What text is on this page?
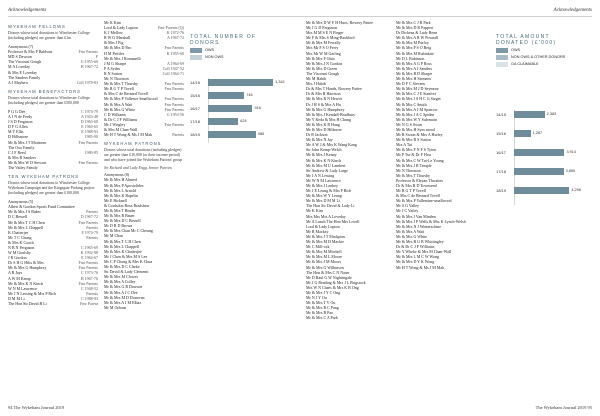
Acknowledgements	Acknowledgements
WYKEHAM FELLOWS
Donors whose total donations to Winchester College (including pledges) are greater than £1m
Anonymous (7)
Professor & Mrs P Baldwin	Fmr Parents
MD S Dawson	F
The Viscount Gough	G 1955-60
M A Loveday	H 1967-72
& Mrs E Loveday
The Sanders Family
A J Mayhew	Coll 1978-83
WYKEHAM BENEFACTORS
Donors whose total donations to Winchester College (including pledges) are greater than £500,000
P G G Dee	C 1974-79
A J N de Ferdy	A 1943-48
J S D Ferguson	D 1963-68
D F G Allen	E 1960-65
M Y Ellis	E 1988-93
D Hillsmore	1985-90
Mr & Mrs J T Mortimer	Fmr Parents
The Oxo Family
C J F Reed	1980-85
& Mrs R Sanders
Mr & Mrs W D Stewart	Fmr Parents
The Vailey Family
TEN WYKEHAM PATRONS
Donors whose total donations to Winchester College Wykeham Campaign and the Kingsgate Parking project (including pledges) are greater than £100,000
Anonymous (5)
Albert & Gordon Sports Fund Committee
Mr & Mrs J S Baker	Parents
D C Bessell	D 1967-72
Mr & Mrs T C H Chen	Fmr Parents
Mr & Mrs L Chappell	Parents
K Chatterjee	F 1974-79
Mr T C Chung	Parents
& Mrs K Coach
N B N Ferguson	C 1965-69
W M Goulsby	K 1992-98
J R Gordon	E 1964-67
Dr S H G Hilts & Mrs	Fmr Parents
Mr & Mrs G Humphrey	Fmr Parents
A R Jays	C 1973-76
A W M Kemp	H 1967-76
Mr & Mrs K N Kinch	Fmr Parents
W N M Lawrence	C 1948-52
Mr J N Lessing & Mrs P Rich	Parents
D M M Li	C 1988-93
The Hon Sir David R Li	Fmr Parent
Mr K Kim
Lord & Lady Lupton	Fmr Parents (Q)
K J Mellow	K 1972-76
R W G Marshall	A 1967-72
& Mrs J Pig
Mr & Mrs D Pao	Fmr Parents
H M Pettifer	K 1955-60
Mr & Mrs J Romanelli
J M G Sharpe	A 1964-69
P A Sydes	Coll 1947-52
R N Sutton	Coll 1964-71
Mr N Thornton
Mr & Mrs T Thursby	Fmr Parents
Mr R G T P Tovell	Fmr Parents
& Mrs C de Bernard Tovell
Mr & Mrs P Vallence Smallwood Fmr Parents
Mr & Mrs A Wait	Fmr Parents
Mr & Mrs G White	Fmr Parents
C D Williams	G 1953-56
& Dr C J F Williams
Mr J Wrigley	Fmr Parents
& Mrs M Chan-Wall
Mr H T Wong & Ms J M Mak	Parents
WYKEHAM PATRONS
Donors whose total donations (including pledges) are greater than £10,000 (or their income period) and who have joined the Wykeham Patrons' group
Sir Richard and Lady Engg, Senior Patrons
Anonymous (8)
Mr & Mrs H Ahmed
Mr & Mrs P Apostolides
Mr & Mrs L Arnold
Mr & Mrs K Bapelin
Mr E Bicknell
& Coulsdon Rosa Bradshaw
Mr & Mrs T Binder
Mr & Mrs R Bauer
Mr & Mrs D C Bessell
Mr D R D Brown
Mr & Mrs Chan Mr C Cheung
Mr M Chan
Mr & Mrs T C H Chen
Mr & Mrs L Chappell
Mr & Mrs K Chatterjee
Mr J Chen & Mrs M S Lee
Mr C P Chong & Mrs K Chua
Mr & Mrs D C Clarke
Sir David & Lady Clementi
Mr & Mrs M Clowes
Mr & Mrs A Colley
Mr & Mrs G B Dawson
Mr & Mrs A J C Dee
Mr & Mrs M D Donovan
Mr & Mrs A J M Elbaz
Mr M Orbons
TOTAL NUMBER OF DONORS
OWS
NON OWS
14/15	1,342
15/16	746
16/17	916
17/18	624
18/19	985
Mr & Mrs D W F H Huos, Bowery Pattee
Mr J G D Ferguson
Mrs M M S E N Finger
Mr F & Mrs S Ming-Bashford
Mr & Mrs M Ferrally
Mrs Mr F S O Ferry
Mrs Mr W M Garling
Mr & Mrs F Ghin
Mr & Mrs J N Gordon
Mr & Mrs D Green
The Viscount Gough
Mr M Habib
Mrs J Habib
Dr & Mrs T Hands, Bowery Pattee
Dr & Mrs R Harrison
Mr & Mrs R N Hewitt
Dr J H S & Mrs A Hu
Mr & Mrs G Humphrey
Mr & Mrs J Kendall-Bradbury
Mr Y Keda & Mrs H Chung
Mr & Mrs K B Hung
Mr & Mrs D Hillmore
Dr R Jackson
Mr & Mrs N Jay
Mr A W J & Mrs K Wang Kang
Sir John Kemp-Welch
Mr & Mrs J Kenny
Mr & Mrs K N Kinch
Mr & Mrs M U Lambert
Sir Andrew & Lady Large
Mr J A N Lessing
Mr W N M Lawrence
Mr & Mrs J Lenkey
Mr J E Leung & Mrs P Rich
Mr & Mrs W Y Leung
Mr & Mrs D M M Li
The Hon Sir David & Lady Li
Mr K Kim
Mrs Mrs Mrs A Loveday
Mr A Lunch The Hon Mrs Lovell
Lord & Lady Lupton
Mr R Mackay
Mr & Mrs J T Mackpins
Mr & Mrs M D Mackie
Mr C Mill-ock
Mr & Mrs M Mitchell
Mr & Mrs M L Moore
Mr & Mrs J M Moors
Mr & Mrs G Wilkinson
The Hon & Mrs C N Nairn
Mr D Raul G W Nightingale
Mr J G Reading & Mrs J L Brigstock
Mrs W N Chaes & Mrs K B Ong
Mr & Mrs J Y C Ong
Mr N J Y Ou
Mr & Mrs T V Ou
Mr & Mrs R C Pang
Mr & Mrs B Pao
Mr & Mrs C A Park
Mr & Mrs C J R Park
Mr & Mrs D R Pappert
Dr Dickens & Lady Reun
Mr & Mrs A R W Pownall
Mr & Mrs M Purfoy
Mr & Mrs P S O Reig
Mr & Mrs M Rubinkite
Mr D L Rubinson
Mr & Mrs A G P Ross
Mr & Mrs A J Sanders
Mr & Mrs R D Sharpe
Mr & Mrs H Siemens
Mr D F C Sievens
Mr & Mrs M J D Seymour
Mr & Mrs C J E Stanfort
Mr & Mrs J S H C G Steger
Mr & Mrs C Smith
Mr & Mrs A J M Sparrow
Mr & Mrs J A C Spiden
Mr & Mrs W Y Sulemain
Mr N G S Swan
Mr & Mrs H Sym mood
Mr R Swain & Mrs A Hurley
Mr & Mrs R S Sutton
Mrs A Tai
Mr & Mrs F N F S Tyten
Mr P Tse & Dr F Hou
Mr & Mrs C W Tat-Le Young
Mr & Mrs J R Temple
Mr N Thornton
Mr & Mrs T Thursby
Professor & Eleyan Thwaites
Dr & Mrs R D Townsend
Mr R G T P Tovell
& Mrs C de Bernard Tovell
Mr & Mrs P Vallentine-smallwood
Mr S G Valley
Mr J C Vailey
Mr & Mrs J Van Minden
Mr & Mrs J P Wells & Mrs K Lynch-Welsh
Mr & Mrs N J Winterschine
Mr & Mrs A Wait
Mr & Mrs G White
Mr & Mrs R G B Whittingley
Dr & Dr C J F Williams
Mr Y Wheke & Mrs M Chan-Wall
Mr & Mrs L M C W Wong
Mr & Mrs D Y K Wong
Mr H T Wong & Ms J M Mak
TOTAL AMOUNT DONATED (£'000)
OWS
NON OWS & OTHER DONORS
GA CLAIMABLE
14/15	2,383
15/16	1,287
16/17	3,914
17/18	3,850
18/19	4,298
94 The Wykeham Journal 2019	The Wykeham Journal 2019 95
